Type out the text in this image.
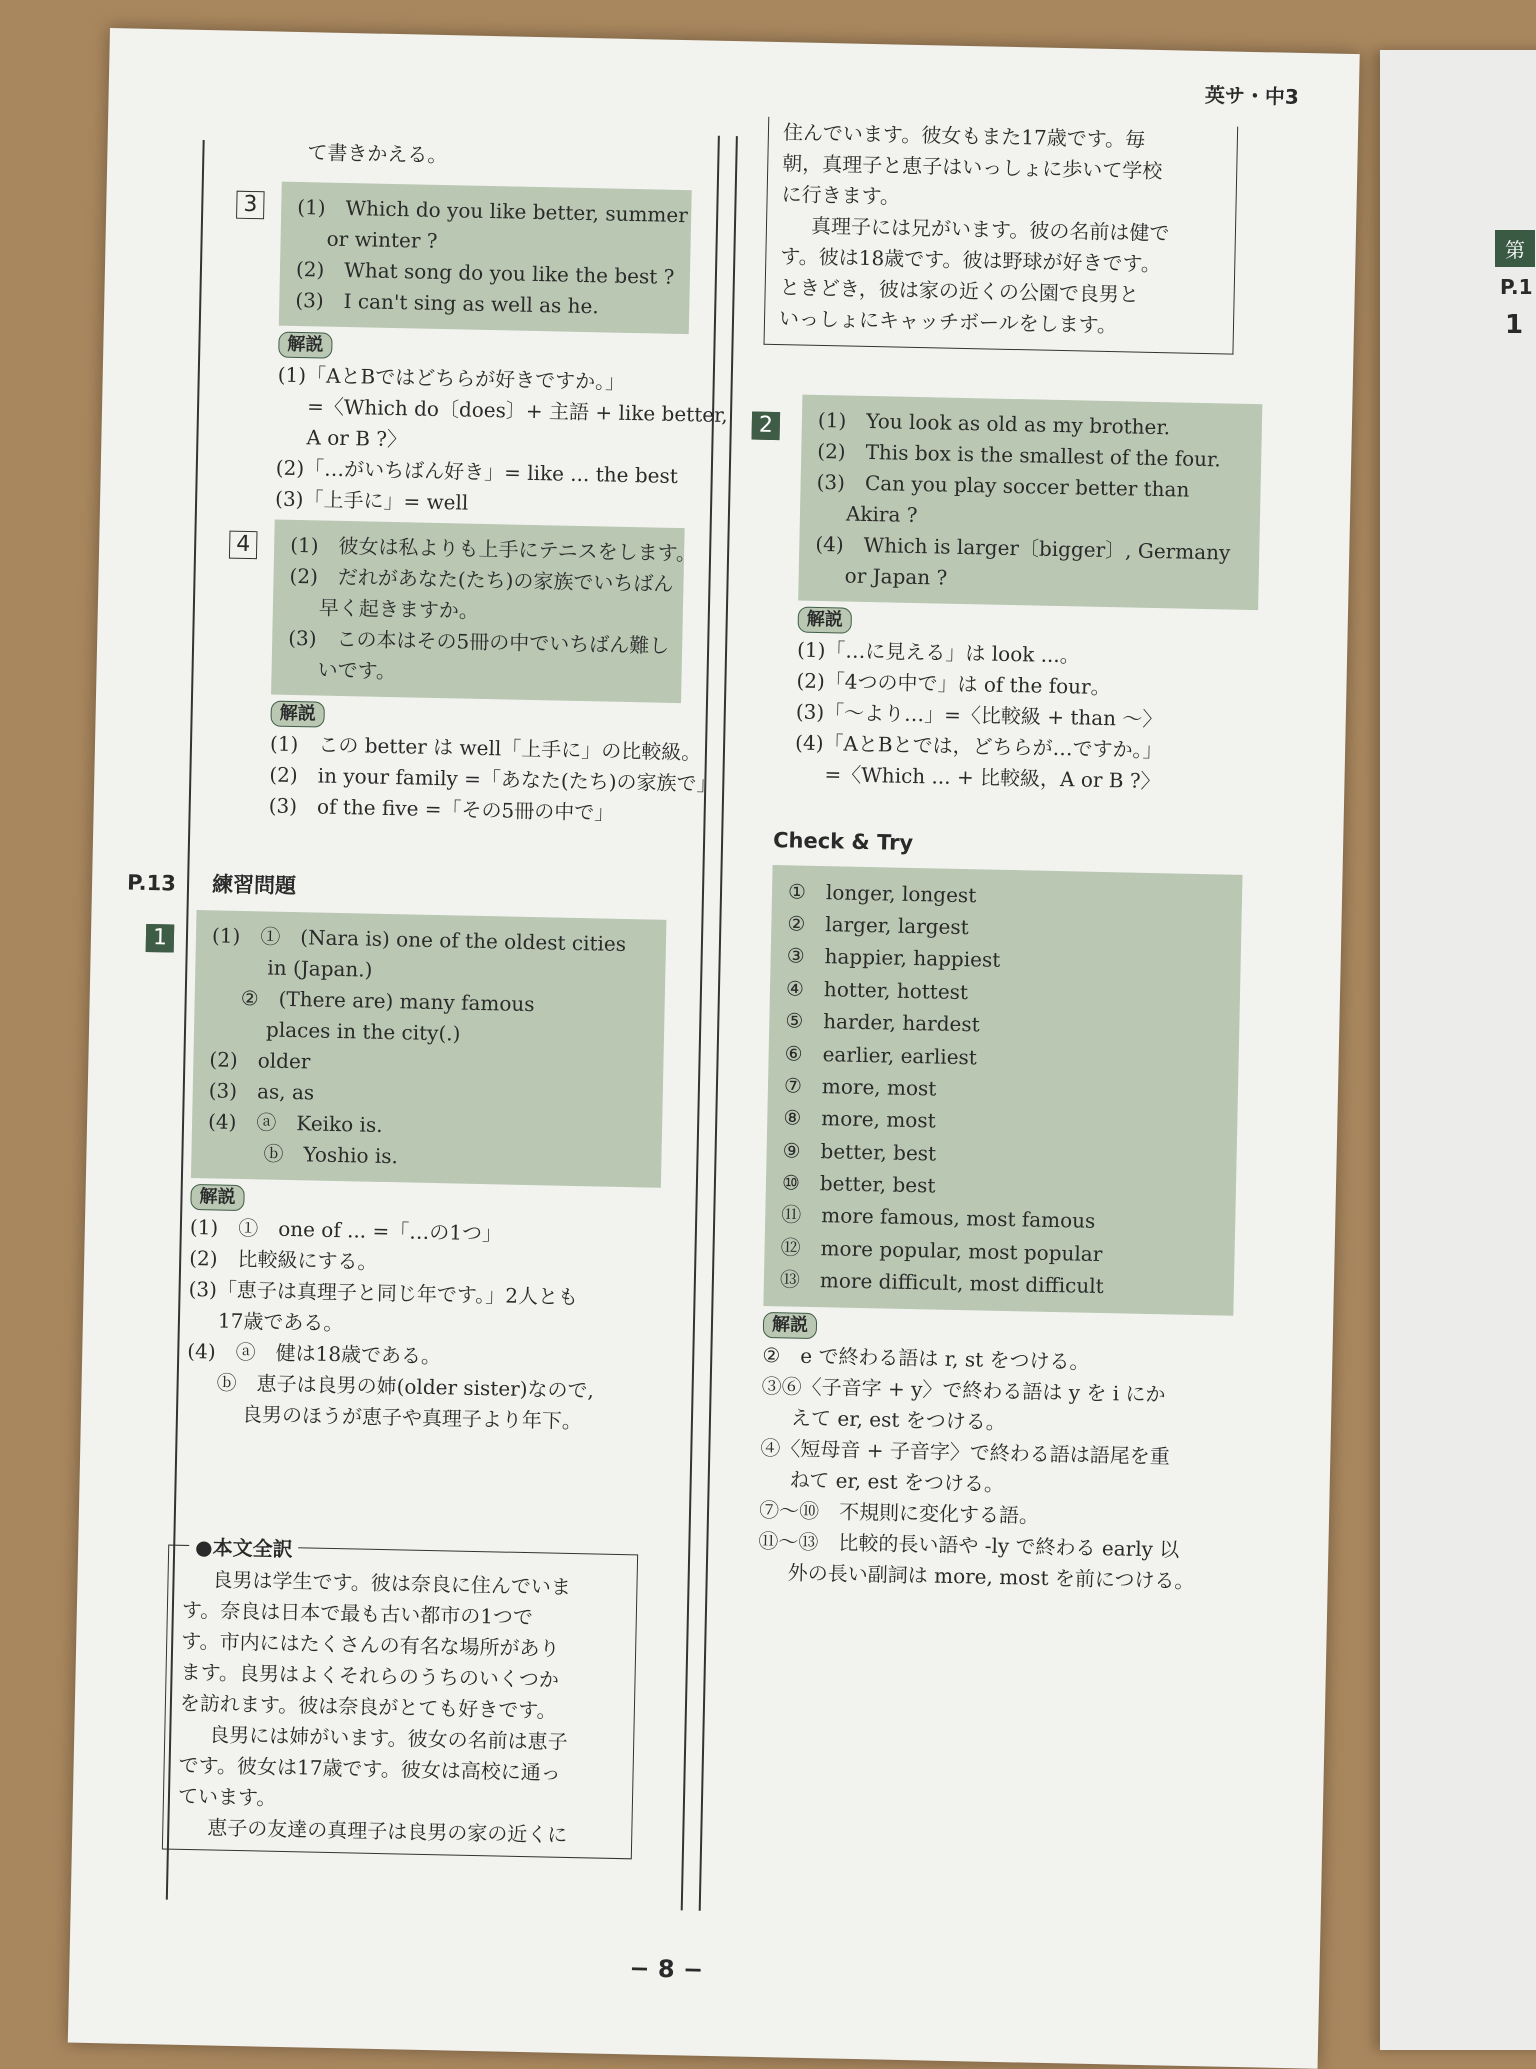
第
P.1
1
英サ・中3
て書きかえる。
3	(1)　Which do you like better, summer
or winter ?
(2)　What song do you like the best ?
(3)　I can't sing as well as he.
解説
(1)「AとBではどちらが好きですか。」
=〈Which do〔does〕+ 主語 + like better,
A or B ?〉
(2)「…がいちばん好き」= like ... the best
(3)「上手に」= well
4	(1)　彼女は私よりも上手にテニスをします。
(2)　だれがあなた(たち)の家族でいちばん
早く起きますか。
(3)　この本はその5冊の中でいちばん難し
いです。
解説
(1)　この better は well「上手に」の比較級。
(2)　in your family =「あなた(たち)の家族で」
(3)　of the five =「その5冊の中で」
P.13 練習問題
1	(1)　①　(Nara is) one of the oldest cities
in (Japan.)
②　(There are) many famous
places in the city(.)
(2)　older
(3)　as, as
(4)　ⓐ　Keiko is.
ⓑ　Yoshio is.
解説
(1)　①　one of ... =「…の1つ」
(2)　比較級にする。
(3)「恵子は真理子と同じ年です。」2人とも
17歳である。
(4)　ⓐ　健は18歳である。
ⓑ　恵子は良男の姉(older sister)なので,
良男のほうが恵子や真理子より年下。
●本文全訳
良男は学生です。彼は奈良に住んでいま
す。奈良は日本で最も古い都市の1つで
す。市内にはたくさんの有名な場所があり
ます。良男はよくそれらのうちのいくつか
を訪れます。彼は奈良がとても好きです。
良男には姉がいます。彼女の名前は恵子
です。彼女は17歳です。彼女は高校に通っ
ています。
恵子の友達の真理子は良男の家の近くに
住んでいます。彼女もまた17歳です。毎
朝，真理子と恵子はいっしょに歩いて学校
に行きます。
真理子には兄がいます。彼の名前は健で
す。彼は18歳です。彼は野球が好きです。
ときどき，彼は家の近くの公園で良男と
いっしょにキャッチボールをします。
2	(1)　You look as old as my brother.
(2)　This box is the smallest of the four.
(3)　Can you play soccer better than
Akira ?
(4)　Which is larger〔bigger〕, Germany
or Japan ?
解説
(1)「…に見える」は look ...。
(2)「4つの中で」は of the four。
(3)「～より…」=〈比較級 + than ～〉
(4)「AとBとでは，どちらが…ですか。」
=〈Which ... + 比較級，A or B ?〉
Check & Try
①　longer, longest
②　larger, largest
③　happier, happiest
④　hotter, hottest
⑤　harder, hardest
⑥　earlier, earliest
⑦　more, most
⑧　more, most
⑨　better, best
⑩　better, best
⑪　more famous, most famous
⑫　more popular, most popular
⑬　more difficult, most difficult
解説
②　e で終わる語は r, st をつける。
③⑥〈子音字 + y〉で終わる語は y を i にか
えて er, est をつける。
④〈短母音 + 子音字〉で終わる語は語尾を重
ねて er, est をつける。
⑦～⑩　不規則に変化する語。
⑪～⑬　比較的長い語や -ly で終わる early 以
外の長い副詞は more, most を前につける。
− 8 −
